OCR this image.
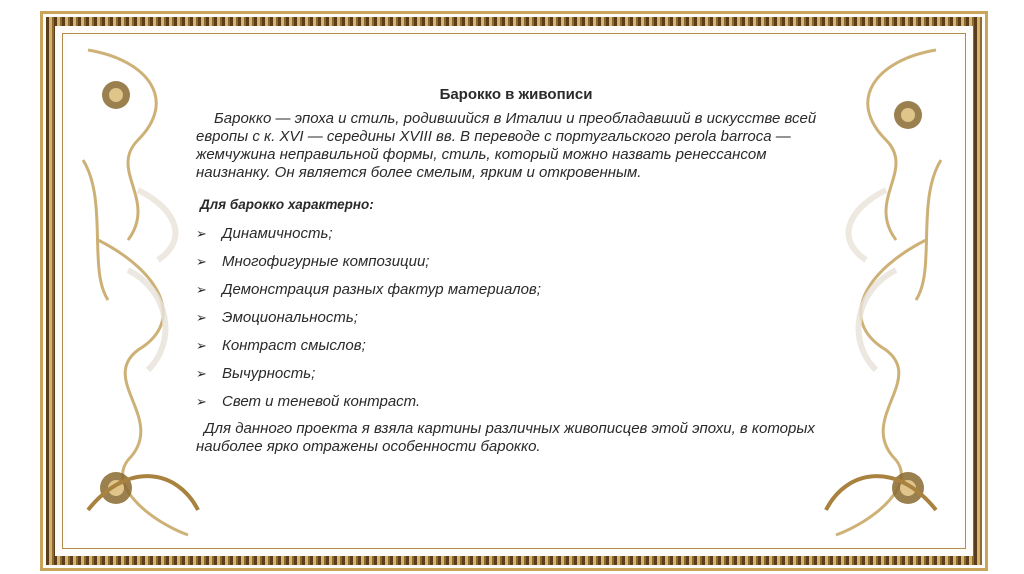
Барокко в живописи

Барокко — эпоха и стиль, родившийся в Италии и преобладавший в искусстве всей европы с к. XVI — середины XVIII вв. В переводе с португальского perola barroca — жемчужина неправильной формы, стиль, который можно назвать ренессансом наизнанку. Он является более смелым, ярким и откровенным.

Для барокко характерно:

➢	Динамичность;
➢	Многофигурные композиции;
➢	Демонстрация разных фактур материалов;
➢	Эмоциональность;
➢	Контраст смыслов;
➢	Вычурность;
➢	Свет и теневой контраст.

Для данного проекта я взяла картины различных живописцев этой эпохи, в которых наиболее ярко отражены особенности барокко.
